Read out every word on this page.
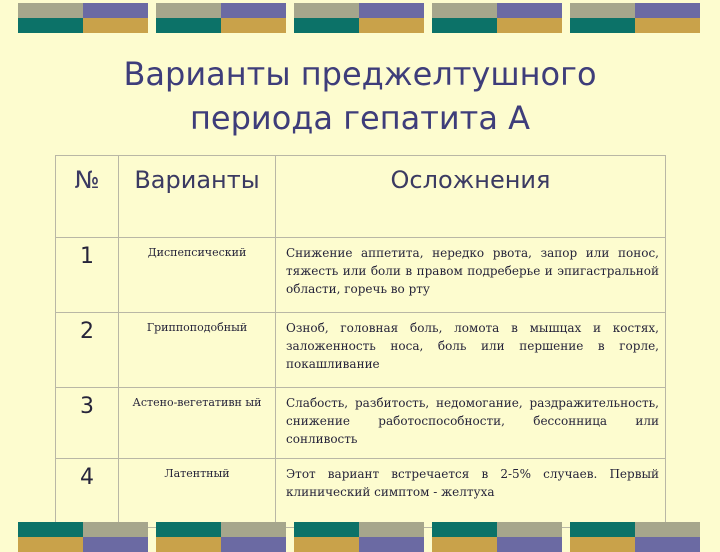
Варианты преджелтушного
периода гепатита А
№	Варианты	Осложнения
1	Диспепсический	Снижение аппетита, нередко рвота, запор или понос, тяжесть или боли в правом подреберье и эпигастральной области, горечь во рту
2	Гриппоподобный	Озноб, головная боль, ломота в мышцах и костях, заложенность носа, боль или першение в горле, покашливание
3	Астено-вегетативн ый	Слабость, разбитость, недомогание, раздражительность, снижение работоспособности, бессонница или сонливость
4	Латентный	Этот вариант встречается в 2-5% случаев. Первый клинический симптом - желтуха
